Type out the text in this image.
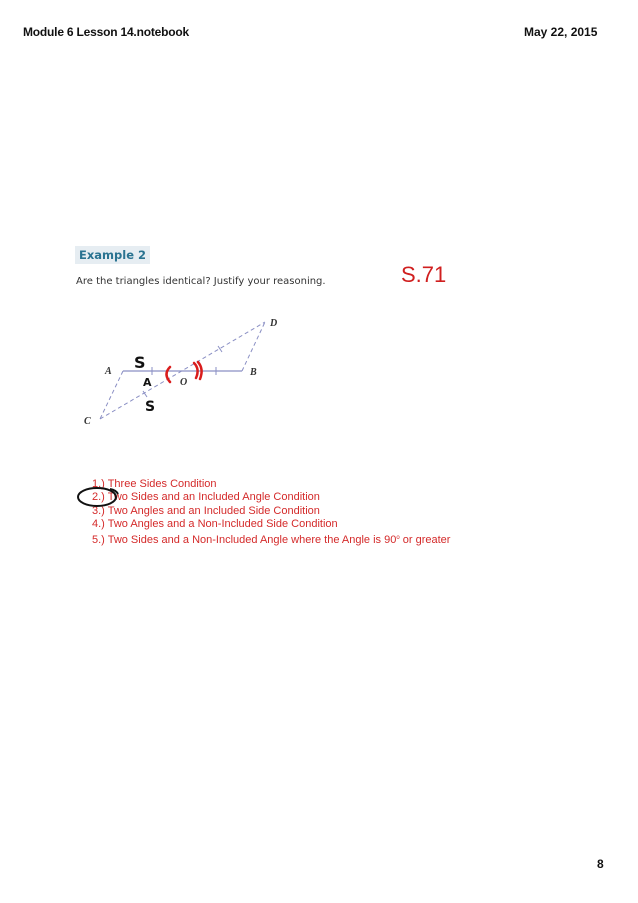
Module 6 Lesson 14.notebook	May 22, 2015
Example 2
Are the triangles identical? Justify your reasoning.	S.71
A	B
C
D
O
S
A
S
1.) Three Sides Condition
2.) Two Sides and an Included Angle Condition
3.) Two Angles and an Included Side Condition
4.) Two Angles and a Non-Included Side Condition
5.) Two Sides and a Non-Included Angle where the Angle is 90$^o$ or greater
8
